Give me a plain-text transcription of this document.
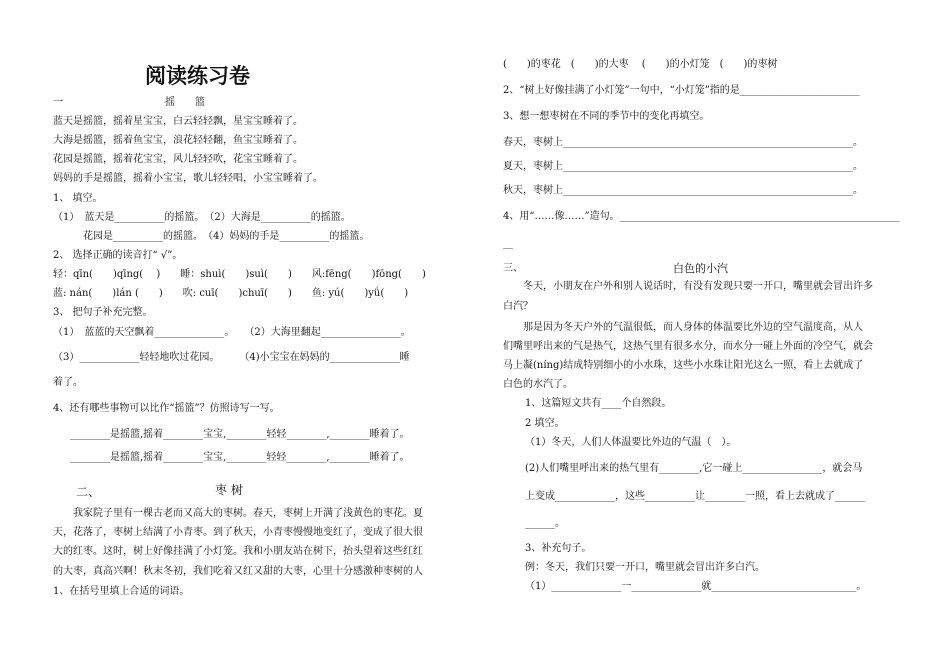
阅读练习卷
一	摇　　篮
蓝天是摇篮，摇着星宝宝，白云轻轻飘，星宝宝睡着了。
大海是摇篮，摇着鱼宝宝，浪花轻轻翻，鱼宝宝睡着了。
花园是摇篮，摇着花宝宝，风儿轻轻吹，花宝宝睡着了。
妈妈的手是摇篮，摇着小宝宝，歌儿轻轻唱，小宝宝睡着了。
1、 填空。
（1）　蓝天是__________的摇篮。　（2）大海是__________的摇篮。
　　　花园是__________的摇篮。　（4）妈妈的手是__________的摇篮。
2、 选择正确的读音打“ √”。
轻：qīn(　　)qīng(　 )　　睡：shuì(　　)suì(　　)　　风:fēng(　　)fōng(　　)
蓝: nán(　　)lán (　　)　　吹: cuī(　　)chuī(　　)　　鱼: yú(　　)yǘ(　　)
3、 把句子补充完整。
（1）　蓝蓝的天空飘着______________。　　（2）大海里翻起________________。
（3）____________轻轻地吹过花园。　　　（4)小宝宝在妈妈的______________睡
着了。
4、还有哪些事物可以比作“摇篮”？仿照诗写一写。
________是摇篮,摇着________宝宝,________轻轻________,________睡着了。
________是摇篮,摇着________宝宝,________轻轻________,________睡着了。
二、	枣 树
　　我家院子里有一棵古老而又高大的枣树。春天，枣树上开满了浅黄色的枣花。夏
天，花落了，枣树上结满了小青枣。到了秋天，小青枣慢慢地变红了，变成了很大很
大的红枣。这时，树上好像挂满了小灯笼。我和小朋友站在树下，抬头望着这些红红
的大枣，真高兴啊！秋末冬初，我们吃着又红又甜的大枣，心里十分感激种枣树的人
1、在括号里填上合适的词语。
(　　)的枣花　(　　)的大枣　 (　　)的小灯笼　(　　)的枣树
2、“树上好像挂满了小灯笼”一句中，“小灯笼”指的是________________________
3、想一想枣树在不同的季节中的变化再填空。
春天，枣树上__________________________________________________________。
夏天，枣树上__________________________________________________________。
秋天，枣树上__________________________________________________________。
4、用“……像……”造句。________________________________________________________
__
三、	白色的小汽
　　冬天，小朋友在户外和别人说话时，有没有发现只要一开口，嘴里就会冒出许多
白汽？
　　那是因为冬天户外的气温很低，而人身体的体温要比外边的空气温度高，从人
们嘴里呼出来的气是热气，这热气里有很多水分，而水分一碰上外面的冷空气，就会
马上凝(níng)结成特别细小的小水珠，这些小水珠让阳光这么一照，看上去就成了
白色的水汽了。
1、这篇短文共有____个自然段。
2 填空。
（1）冬天，人们人体温要比外边的气温（　）。
(2)人们嘴里呼出来的热气里有________,它一碰上________________，就会马
上变成____________，这些__________让________一照，看上去就成了______
______。
3、补充句子。
例：冬天，我们只要一开口，嘴里就会冒出许多白汽。
（1）______________一______________就_____________________________。
